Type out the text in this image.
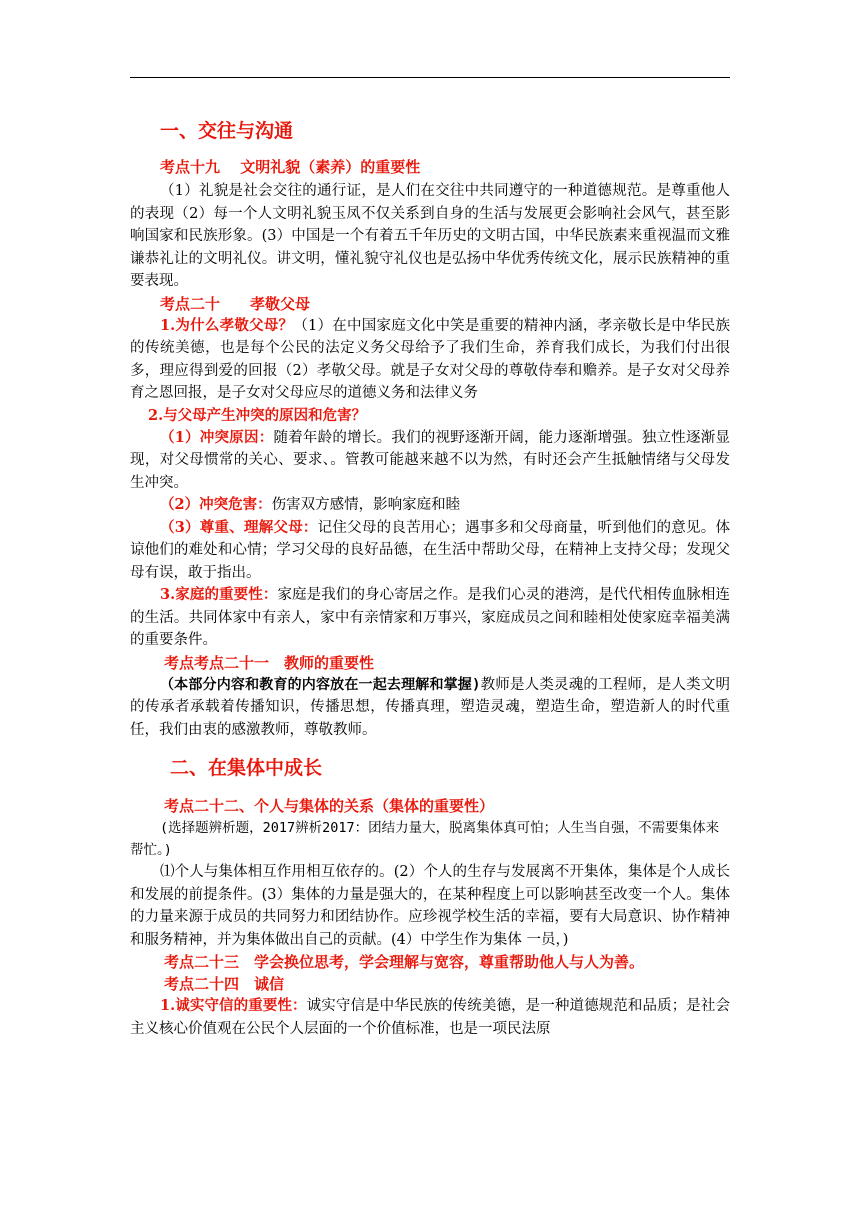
一、交往与沟通
考点十九　 文明礼貌（素养）的重要性

（1）礼貌是社会交往的通行证，是人们在交往中共同遵守的一种道德规范。是尊重他人的表现（2）每一个人文明礼貌玉凤不仅关系到自身的生活与发展更会影响社会风气，甚至影响国家和民族形象。(3）中国是一个有着五千年历史的文明古国，中华民族素来重视温而文雅谦恭礼让的文明礼仪。讲文明，懂礼貌守礼仪也是弘扬中华优秀传统文化，展示民族精神的重要表现。

考点二十　　孝敬父母

1.为什么孝敬父母？（1）在中国家庭文化中笑是重要的精神内涵，孝亲敬长是中华民族的传统美德，也是每个公民的法定义务父母给予了我们生命，养育我们成长，为我们付出很多，理应得到爱的回报（2）孝敬父母。就是子女对父母的尊敬侍奉和赡养。是子女对父母养育之恩回报，是子女对父母应尽的道德义务和法律义务

2.与父母产生冲突的原因和危害？

（1）冲突原因：随着年龄的增长。我们的视野逐渐开阔，能力逐渐增强。独立性逐渐显现，对父母惯常的关心、要求、。管教可能越来越不以为然，有时还会产生抵触情绪与父母发生冲突。

（2）冲突危害：伤害双方感情，影响家庭和睦

（3）尊重、理解父母：记住父母的良苦用心；遇事多和父母商量，听到他们的意见。体谅他们的难处和心情；学习父母的良好品德，在生活中帮助父母，在精神上支持父母；发现父母有误，敢于指出。

3.家庭的重要性：家庭是我们的身心寄居之作。是我们心灵的港湾，是代代相传血脉相连的生活。共同体家中有亲人，家中有亲情家和万事兴，家庭成员之间和睦相处使家庭幸福美满的重要条件。

考点考点二十一　教师的重要性

（本部分内容和教育的内容放在一起去理解和掌握)教师是人类灵魂的工程师，是人类文明的传承者承载着传播知识，传播思想，传播真理，塑造灵魂，塑造生命，塑造新人的时代重任，我们由衷的感激教师，尊敬教师。

二、在集体中成长
考点二十二、个人与集体的关系（集体的重要性）

(选择题辨析题，2017辨析2017：团结力量大，脱离集体真可怕；人生当自强，不需要集体来帮忙。)

⑴个人与集体相互作用相互依存的。(2）个人的生存与发展离不开集体，集体是个人成长和发展的前提条件。(3）集体的力量是强大的，在某种程度上可以影响甚至改变一个人。集体的力量来源于成员的共同努力和团结协作。应珍视学校生活的幸福，要有大局意识、协作精神和服务精神，并为集体做出自己的贡献。(4）中学生作为集体 一员，)

考点二十三　学会换位思考，学会理解与宽容，尊重帮助他人与人为善。
考点二十四　诚信

1.诚实守信的重要性：诚实守信是中华民族的传统美德，是一种道德规范和品质；是社会主义核心价值观在公民个人层面的一个价值标准，也是一项民法原
